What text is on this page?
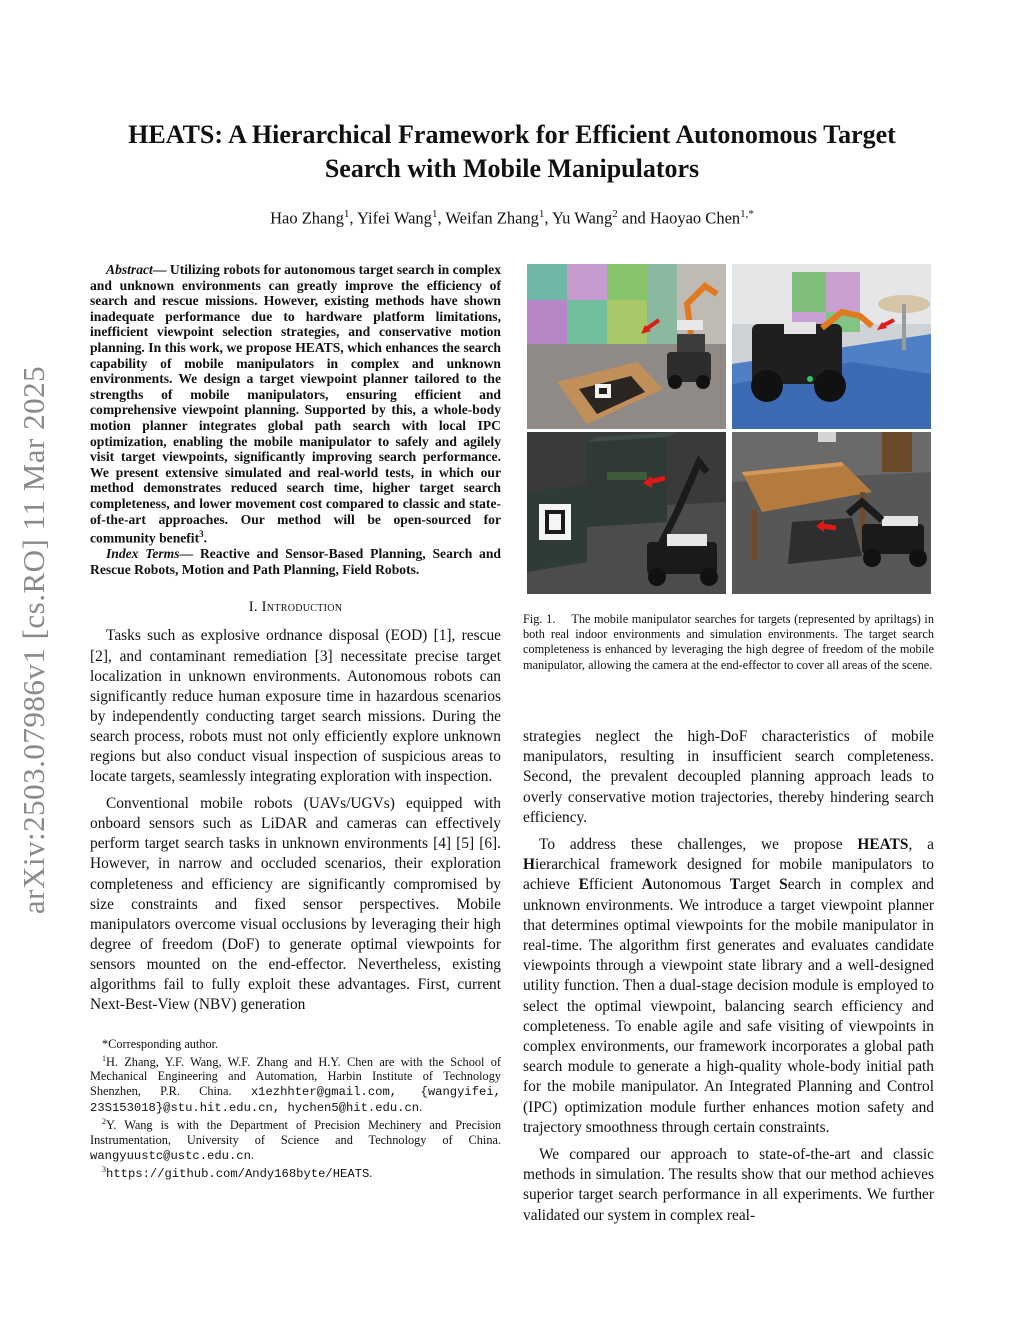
arXiv:2503.07986v1 [cs.RO] 11 Mar 2025
HEATS: A Hierarchical Framework for Efficient Autonomous Target
Search with Mobile Manipulators
Hao Zhang$^1$, Yifei Wang$^1$, Weifan Zhang$^1$, Yu Wang$^2$ and Haoyao Chen$^{1,*}$

Abstract— Utilizing robots for autonomous target search in complex and unknown environments can greatly improve the efficiency of search and rescue missions. However, existing methods have shown inadequate performance due to hardware platform limitations, inefficient viewpoint selection strategies, and conservative motion planning. In this work, we propose HEATS, which enhances the search capability of mobile manipulators in complex and unknown environments. We design a target viewpoint planner tailored to the strengths of mobile manipulators, ensuring efficient and comprehensive viewpoint planning. Supported by this, a whole-body motion planner integrates global path search with local IPC optimization, enabling the mobile manipulator to safely and agilely visit target viewpoints, significantly improving search performance. We present extensive simulated and real-world tests, in which our method demonstrates reduced search time, higher target search completeness, and lower movement cost compared to classic and state-of-the-art approaches. Our method will be open-sourced for community benefit$^3$.

Index Terms— Reactive and Sensor-Based Planning, Search and Rescue Robots, Motion and Path Planning, Field Robots.

I. Introduction

Tasks such as explosive ordnance disposal (EOD) [1], rescue [2], and contaminant remediation [3] necessitate precise target localization in unknown environments. Autonomous robots can significantly reduce human exposure time in hazardous scenarios by independently conducting target search missions. During the search process, robots must not only efficiently explore unknown regions but also conduct visual inspection of suspicious areas to locate targets, seamlessly integrating exploration with inspection.

Conventional mobile robots (UAVs/UGVs) equipped with onboard sensors such as LiDAR and cameras can effectively perform target search tasks in unknown environments [4] [5] [6]. However, in narrow and occluded scenarios, their exploration completeness and efficiency are significantly compromised by size constraints and fixed sensor perspectives. Mobile manipulators overcome visual occlusions by leveraging their high degree of freedom (DoF) to generate optimal viewpoints for sensors mounted on the end-effector. Nevertheless, existing algorithms fail to fully exploit these advantages. First, current Next-Best-View (NBV) generation

*Corresponding author.

$^1$H. Zhang, Y.F. Wang, W.F. Zhang and H.Y. Chen are with the School of Mechanical Engineering and Automation, Harbin Institute of Technology Shenzhen, P.R. China. x1ezhhter@gmail.com, {wangyifei, 23S153018}@stu.hit.edu.cn, hychen5@hit.edu.cn.

$^2$Y. Wang is with the Department of Precision Mechinery and Precision Instrumentation, University of Science and Technology of China. wangyuustc@ustc.edu.cn.

$^3$https://github.com/Andy168byte/HEATS.

Fig. 1. The mobile manipulator searches for targets (represented by apriltags) in both real indoor environments and simulation environments. The target search completeness is enhanced by leveraging the high degree of freedom of the mobile manipulator, allowing the camera at the end-effector to cover all areas of the scene.

strategies neglect the high-DoF characteristics of mobile manipulators, resulting in insufficient search completeness. Second, the prevalent decoupled planning approach leads to overly conservative motion trajectories, thereby hindering search efficiency.

To address these challenges, we propose HEATS, a Hierarchical framework designed for mobile manipulators to achieve Efficient Autonomous Target Search in complex and unknown environments. We introduce a target viewpoint planner that determines optimal viewpoints for the mobile manipulator in real-time. The algorithm first generates and evaluates candidate viewpoints through a viewpoint state library and a well-designed utility function. Then a dual-stage decision module is employed to select the optimal viewpoint, balancing search efficiency and completeness. To enable agile and safe visiting of viewpoints in complex environments, our framework incorporates a global path search module to generate a high-quality whole-body initial path for the mobile manipulator. An Integrated Planning and Control (IPC) optimization module further enhances motion safety and trajectory smoothness through certain constraints.

We compared our approach to state-of-the-art and classic methods in simulation. The results show that our method achieves superior target search performance in all experiments. We further validated our system in complex real-
